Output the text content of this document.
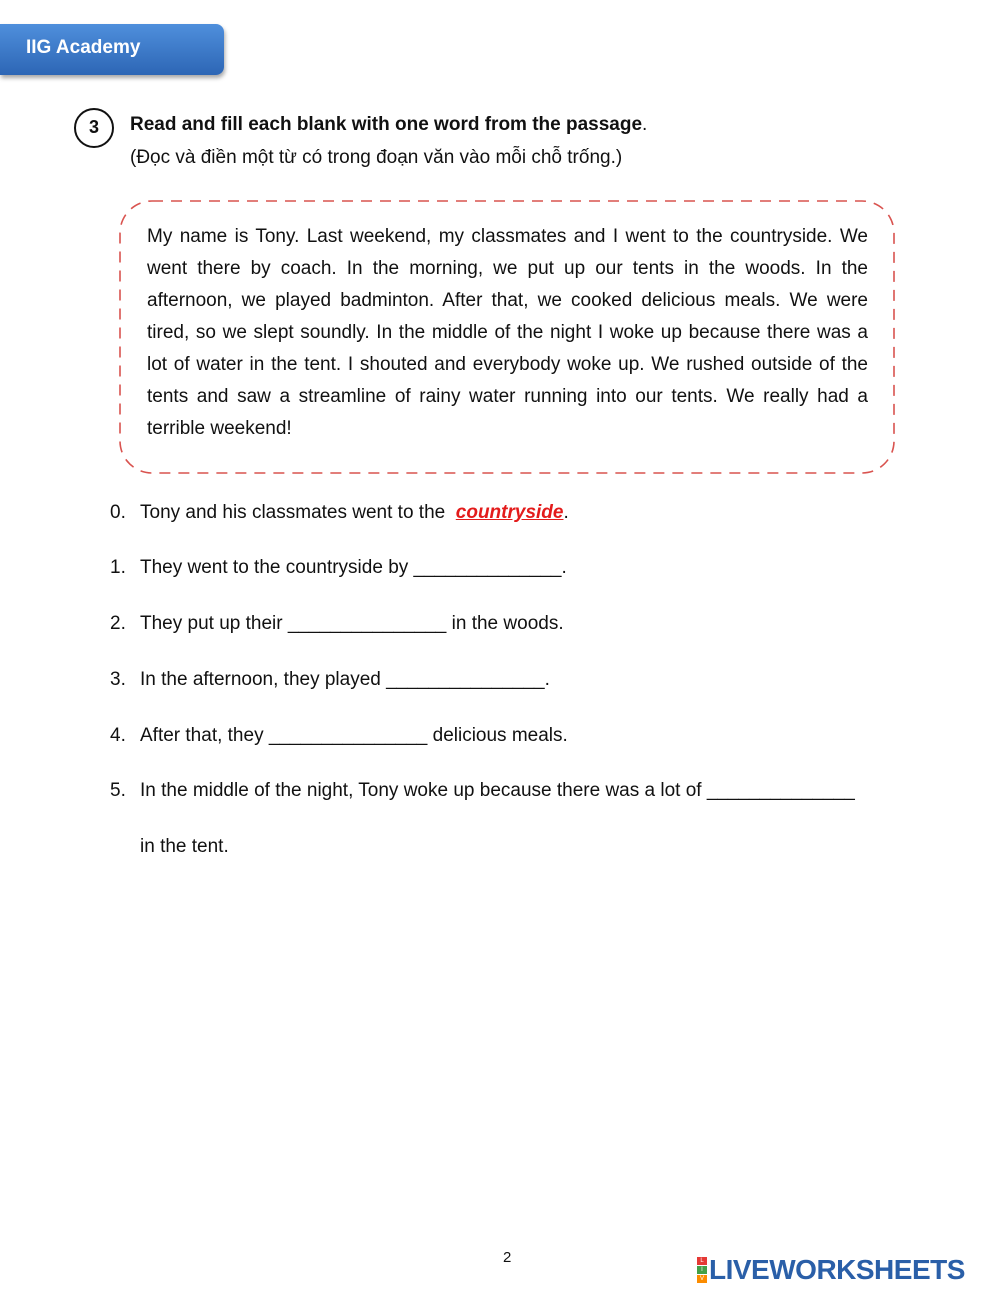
IIG Academy
3	Read and fill each blank with one word from the passage.
(Đọc và điền một từ có trong đoạn văn vào mỗi chỗ trống.)
My name is Tony. Last weekend, my classmates and I went to the countryside. We went there by coach. In the morning, we put up our tents in the woods. In the afternoon, we played badminton. After that, we cooked delicious meals. We were tired, so we slept soundly. In the middle of the night I woke up because there was a lot of water in the tent. I shouted and everybody woke up. We rushed outside of the tents and saw a streamline of rainy water running into our tents. We really had a terrible weekend!
0. Tony and his classmates went to the  countryside.
1. They went to the countryside by ______________.
2. They put up their _______________ in the woods.
3. In the afternoon, they played _______________.
4. After that, they _______________ delicious meals.
5. In the middle of the night, Tony woke up because there was a lot of ______________
in the tent.
2	L
I
V LIVEWORKSHEETS
